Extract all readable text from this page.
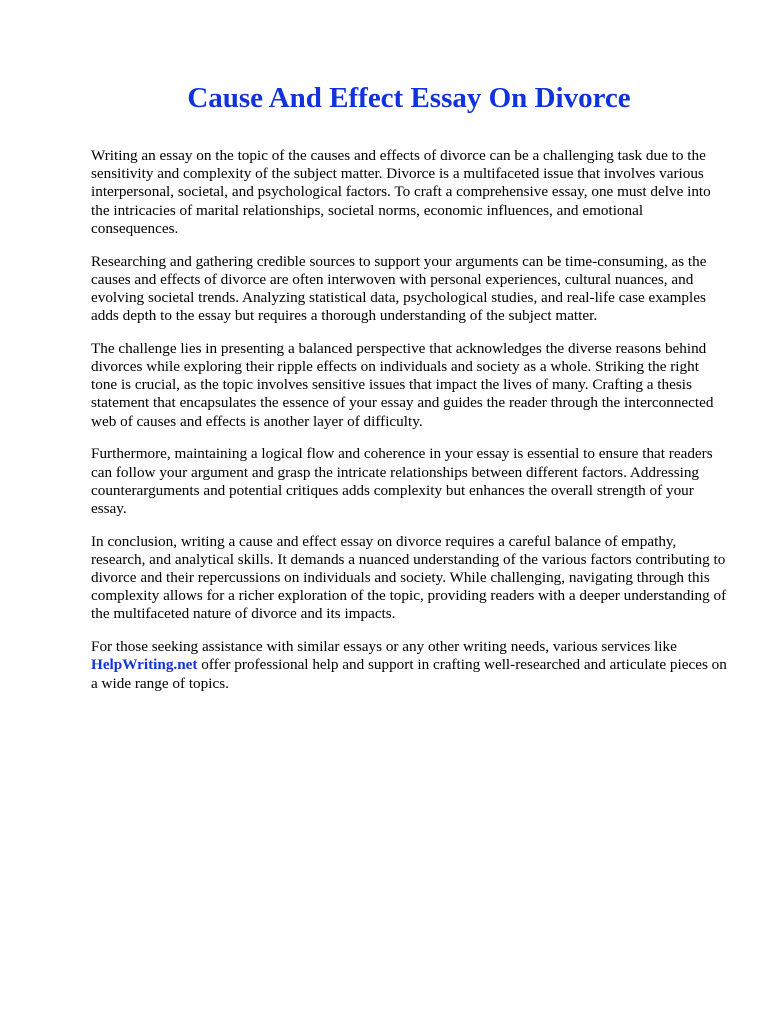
Cause And Effect Essay On Divorce

Writing an essay on the topic of the causes and effects of divorce can be a challenging task due to the sensitivity and complexity of the subject matter. Divorce is a multifaceted issue that involves various interpersonal, societal, and psychological factors. To craft a comprehensive essay, one must delve into the intricacies of marital relationships, societal norms, economic influences, and emotional consequences.

Researching and gathering credible sources to support your arguments can be time-consuming, as the causes and effects of divorce are often interwoven with personal experiences, cultural nuances, and evolving societal trends. Analyzing statistical data, psychological studies, and real-life case examples adds depth to the essay but requires a thorough understanding of the subject matter.

The challenge lies in presenting a balanced perspective that acknowledges the diverse reasons behind divorces while exploring their ripple effects on individuals and society as a whole. Striking the right tone is crucial, as the topic involves sensitive issues that impact the lives of many. Crafting a thesis statement that encapsulates the essence of your essay and guides the reader through the interconnected web of causes and effects is another layer of difficulty.

Furthermore, maintaining a logical flow and coherence in your essay is essential to ensure that readers can follow your argument and grasp the intricate relationships between different factors. Addressing counterarguments and potential critiques adds complexity but enhances the overall strength of your essay.

In conclusion, writing a cause and effect essay on divorce requires a careful balance of empathy, research, and analytical skills. It demands a nuanced understanding of the various factors contributing to divorce and their repercussions on individuals and society. While challenging, navigating through this complexity allows for a richer exploration of the topic, providing readers with a deeper understanding of the multifaceted nature of divorce and its impacts.

For those seeking assistance with similar essays or any other writing needs, various services like HelpWriting.net offer professional help and support in crafting well-researched and articulate pieces on a wide range of topics.
